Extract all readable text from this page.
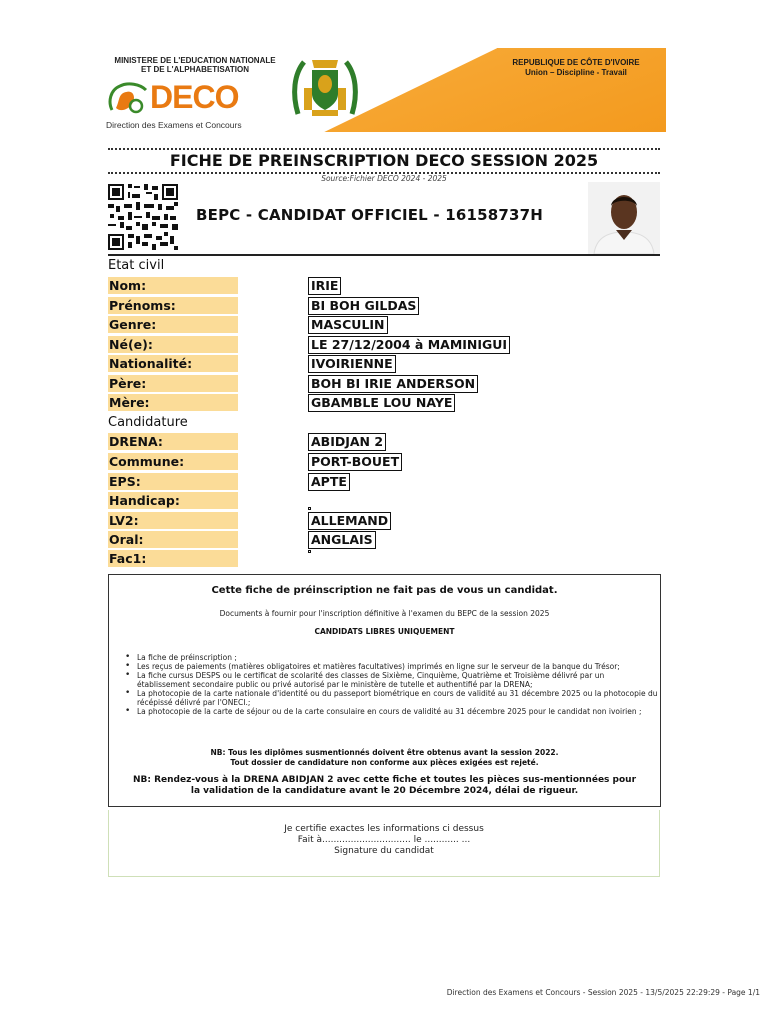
MINISTERE DE L'EDUCATION NATIONALE
ET DE L'ALPHABETISATION
DECO
Direction des Examens et Concours
REPUBLIQUE DE CÔTE D'IVOIRE
Union – Discipline - Travail
FICHE DE PREINSCRIPTION DECO SESSION 2025
Source:Fichier DECO 2024 - 2025
BEPC - CANDIDAT OFFICIEL - 16158737H
Etat civil
Nom:	IRIE
Prénoms:	BI BOH GILDAS
Genre:	MASCULIN
Né(e):	LE 27/12/2004 à MAMINIGUI
Nationalité:	IVOIRIENNE
Père:	BOH BI IRIE ANDERSON
Mère:	GBAMBLE LOU NAYE
Candidature
DRENA:	ABIDJAN 2
Commune:	PORT-BOUET
EPS:	APTE
Handicap:
LV2:	ALLEMAND
Oral:	ANGLAIS
Fac1:
Cette fiche de préinscription ne fait pas de vous un candidat.
Documents à fournir pour l'inscription définitive à l'examen du BEPC de la session 2025
CANDIDATS LIBRES UNIQUEMENT
• La fiche de préinscription ;
• Les reçus de paiements (matières obligatoires et matières facultatives) imprimés en ligne sur le serveur de la banque du Trésor;
• La fiche cursus DESPS ou le certificat de scolarité des classes de Sixième, Cinquième, Quatrième et Troisième délivré par un établissement secondaire public ou privé autorisé par le ministère de tutelle et authentifié par la DRENA;
• La photocopie de la carte nationale d'identité ou du passeport biométrique en cours de validité au 31 décembre 2025 ou la photocopie du récépissé délivré par l'ONECI.;
• La photocopie de la carte de séjour ou de la carte consulaire en cours de validité au 31 décembre 2025 pour le candidat non ivoirien ;
NB: Tous les diplômes susmentionnés doivent être obtenus avant la session 2022.
Tout dossier de candidature non conforme aux pièces exigées est rejeté.
NB: Rendez-vous à la DRENA ABIDJAN 2 avec cette fiche et toutes les pièces sus-mentionnées pour
la validation de la candidature avant le 20 Décembre 2024, délai de rigueur.
Je certifie exactes les informations ci dessus
Fait à............................... le ............ ...
Signature du candidat
Direction des Examens et Concours - Session 2025 - 13/5/2025 22:29:29 - Page 1/1
